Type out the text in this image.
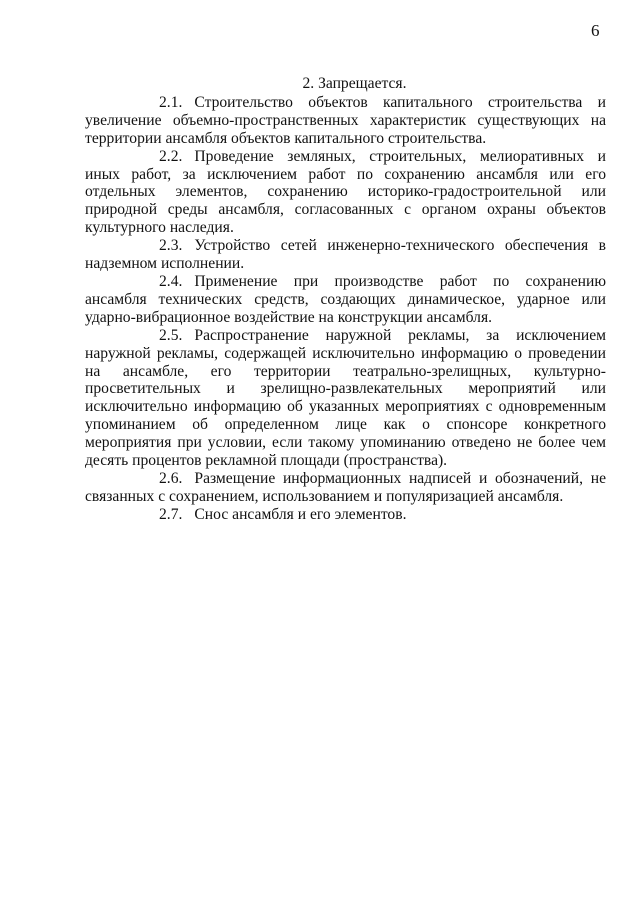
6

2. Запрещается.

2.1. Строительство объектов капитального строительства и увеличение объемно-пространственных характеристик существующих на территории ансамбля объектов капитального строительства.

2.2. Проведение земляных, строительных, мелиоративных и иных работ, за исключением работ по сохранению ансамбля или его отдельных элементов, сохранению историко-градостроительной или природной среды ансамбля, согласованных с органом охраны объектов культурного наследия.

2.3. Устройство сетей инженерно-технического обеспечения в надземном исполнении.

2.4. Применение при производстве работ по сохранению ансамбля технических средств, создающих динамическое, ударное или ударно-вибрационное воздействие на конструкции ансамбля.

2.5. Распространение наружной рекламы, за исключением наружной рекламы, содержащей исключительно информацию о проведении на ансамбле, его территории театрально-зрелищных, культурно-просветительных и зрелищно-развлекательных мероприятий или исключительно информацию об указанных мероприятиях с одновременным упоминанием об определенном лице как о спонсоре конкретного мероприятия при условии, если такому упоминанию отведено не более чем десять процентов рекламной площади (пространства).

2.6. Размещение информационных надписей и обозначений, не связанных с сохранением, использованием и популяризацией ансамбля.

2.7. Снос ансамбля и его элементов.
